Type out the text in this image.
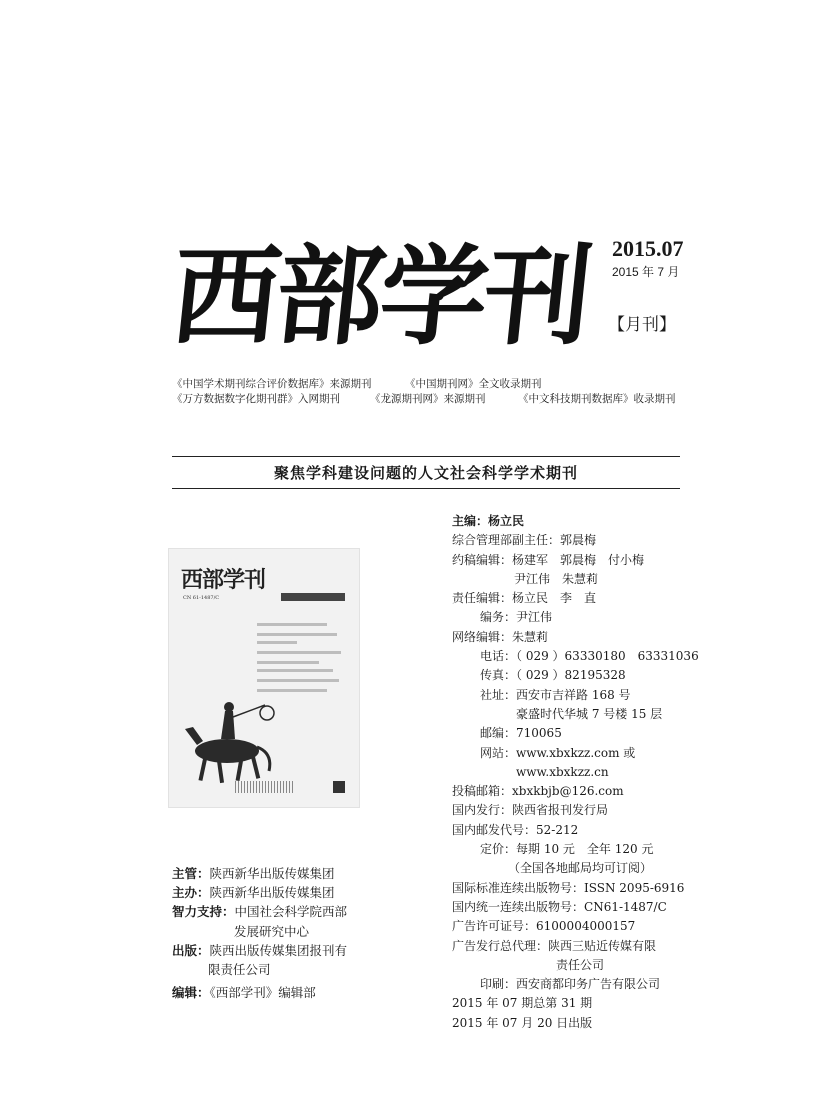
西部学刊 2015.07
2015 年 7 月
【月刊】
《中国学术期刊综合评价数据库》来源期刊	《中国期刊网》全文收录期刊
《万方数据数字化期刊群》入网期刊	《龙源期刊网》来源期刊	《中文科技期刊数据库》收录期刊
聚焦学科建设问题的人文社会科学学术期刊
西部学刊
CN 61-1487/C
主编：杨立民
综合管理部副主任：郭晨梅
约稿编辑：杨建军　郭晨梅　付小梅
尹江伟　朱慧莉
责任编辑：杨立民　李　直
编务：尹江伟
网络编辑：朱慧莉
电话：（ 029 ）63330180　63331036
传真：（ 029 ）82195328
社址：西安市吉祥路 168 号
豪盛时代华城 7 号楼 15 层
邮编：710065
网站：www.xbxkzz.com 或
www.xbxkzz.cn
投稿邮箱：xbxkbjb@126.com
国内发行：陕西省报刊发行局
国内邮发代号：52-212
定价：每期 10 元　全年 120 元
（全国各地邮局均可订阅）
国际标准连续出版物号：ISSN 2095-6916
国内统一连续出版物号：CN61-1487/C
广告许可证号：6100004000157
广告发行总代理：陕西三贴近传媒有限
责任公司
印刷：西安商都印务广告有限公司
2015 年 07 期总第 31 期
2015 年 07 月 20 日出版
主管：陕西新华出版传媒集团
主办：陕西新华出版传媒集团
智力支持：中国社会科学院西部
发展研究中心
出版：陕西出版传媒集团报刊有
限责任公司
编辑：《西部学刊》编辑部
